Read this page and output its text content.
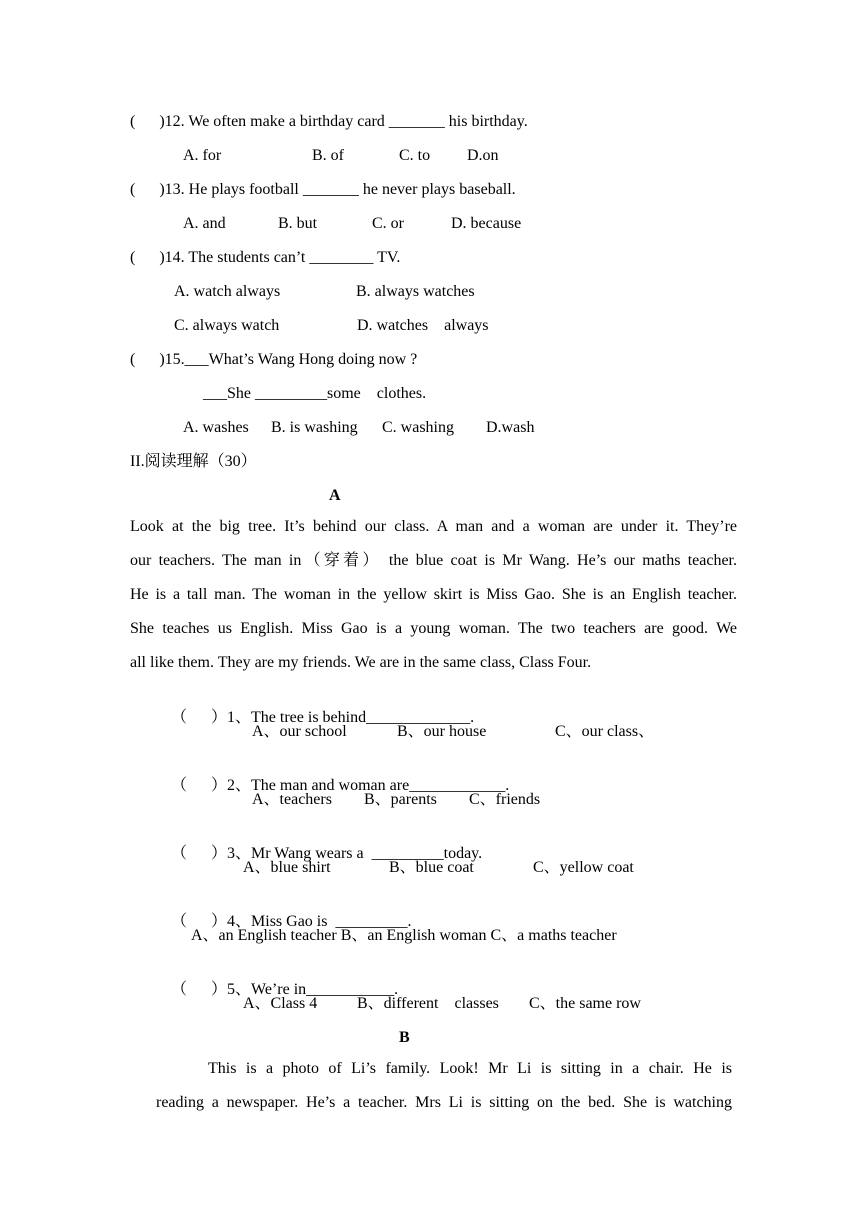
(      )12. We often make a birthday card _______ his birthday.
A. for	B. of	C. to D.on
(      )13. He plays football _______ he never plays baseball.
A. and	B. but	C. or	D. because
(      )14. The students can’t ________ TV.
A. watch always	B. always watches
C. always watch	D. watches    always
(      )15.___What’s Wang Hong doing now ?
___She _________some    clothes.
A. washes B. is washing C. washing D.wash
II.阅读理解（30）
A
Look at the big tree. It’s behind our class. A man and a woman are under it. They’re
our teachers. The man in（穿着） the blue coat is Mr Wang. He’s our maths teacher.
He is a tall man. The woman in the yellow skirt is Miss Gao. She is an English teacher.
She teaches us English. Miss Gao is a young woman. The two teachers are good. We
all like them. They are my friends. We are in the same class, Class Four.

（      ）1、The tree is behind_____________.

A、our school	B、our house	C、our class、

（      ）2、The man and woman are____________.

A、teachers B、parents C、friends

（      ）3、Mr Wang wears a  _________today.

A、blue shirt	B、blue coat	C、yellow coat

（      ）4、Miss Gao is  _________.

A、an English teacher B、an English woman C、a maths teacher

（      ）5、We’re in___________.

A、Class 4 B、different    classes C、the same row
B
This is a photo of Li’s family. Look! Mr Li is sitting in a chair. He is
reading a newspaper. He’s a teacher. Mrs Li is sitting on the bed. She is watching
